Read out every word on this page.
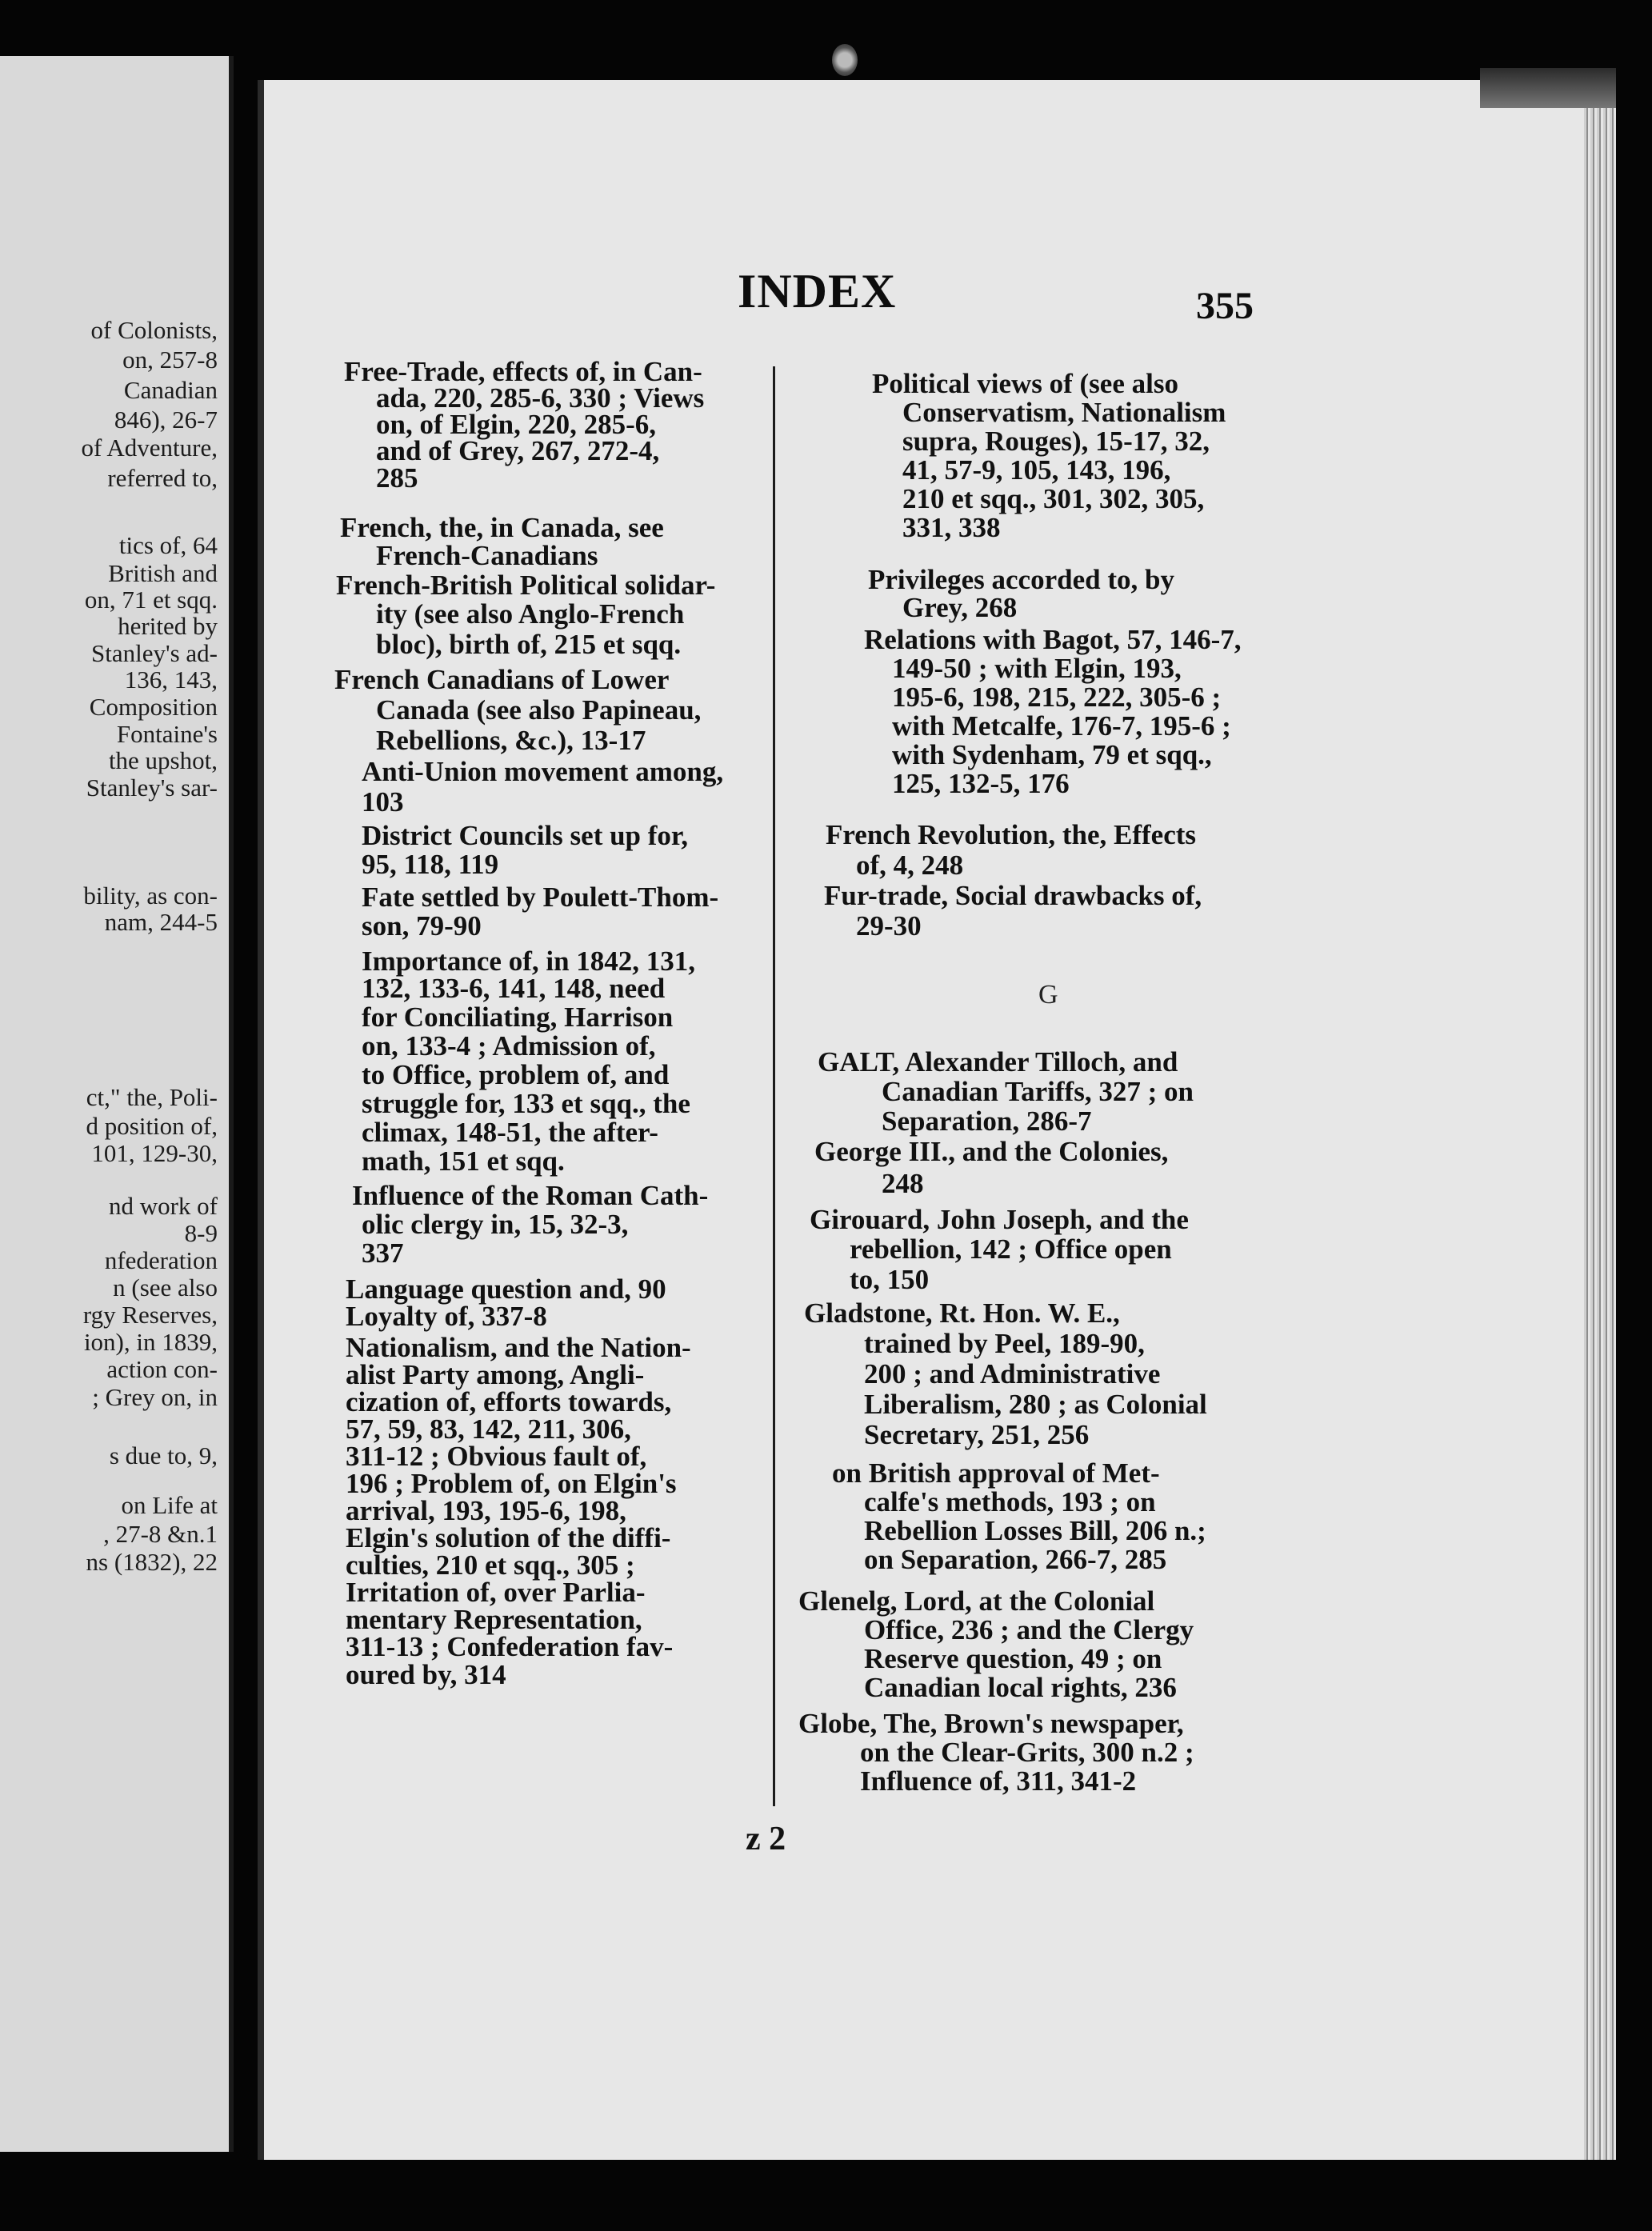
of Colonists,
on, 257-8
Canadian
846), 26-7
of Adventure,
referred to,
tics of, 64
British and
on, 71 et sqq.
herited by
Stanley's ad-
136, 143,
Composition
Fontaine's
the upshot,
Stanley's sar-
bility, as con-
nam, 244-5
ct," the, Poli-
d position of,
101, 129-30,
nd work of
8-9
nfederation
n (see also
rgy Reserves,
ion), in 1839,
action con-
; Grey on, in
s due to, 9,
on Life at
, 27-8 &n.1
ns (1832), 22
INDEX	355
G
z 2
Free-Trade, effects of, in Can-
ada, 220, 285-6, 330 ; Views
on, of Elgin, 220, 285-6,
and of Grey, 267, 272-4,
285
French, the, in Canada, see
French-Canadians
French-British Political solidar-
ity (see also Anglo-French
bloc), birth of, 215 et sqq.
French Canadians of Lower
Canada (see also Papineau,
Rebellions, &c.), 13-17
Anti-Union movement among,
103
District Councils set up for,
95, 118, 119
Fate settled by Poulett-Thom-
son, 79-90
Importance of, in 1842, 131,
132, 133-6, 141, 148, need
for Conciliating, Harrison
on, 133-4 ; Admission of,
to Office, problem of, and
struggle for, 133 et sqq., the
climax, 148-51, the after-
math, 151 et sqq.
Influence of the Roman Cath-
olic clergy in, 15, 32-3,
337
Language question and, 90
Loyalty of, 337-8
Nationalism, and the Nation-
alist Party among, Angli-
cization of, efforts towards,
57, 59, 83, 142, 211, 306,
311-12 ; Obvious fault of,
196 ; Problem of, on Elgin's
arrival, 193, 195-6, 198,
Elgin's solution of the diffi-
culties, 210 et sqq., 305 ;
Irritation of, over Parlia-
mentary Representation,
311-13 ; Confederation fav-
oured by, 314
Political views of (see also
Conservatism, Nationalism
supra, Rouges), 15-17, 32,
41, 57-9, 105, 143, 196,
210 et sqq., 301, 302, 305,
331, 338
Privileges accorded to, by
Grey, 268
Relations with Bagot, 57, 146-7,
149-50 ; with Elgin, 193,
195-6, 198, 215, 222, 305-6 ;
with Metcalfe, 176-7, 195-6 ;
with Sydenham, 79 et sqq.,
125, 132-5, 176
French Revolution, the, Effects
of, 4, 248
Fur-trade, Social drawbacks of,
29-30
GALT, Alexander Tilloch, and
Canadian Tariffs, 327 ; on
Separation, 286-7
George III., and the Colonies,
248
Girouard, John Joseph, and the
rebellion, 142 ; Office open
to, 150
Gladstone, Rt. Hon. W. E.,
trained by Peel, 189-90,
200 ; and Administrative
Liberalism, 280 ; as Colonial
Secretary, 251, 256
on British approval of Met-
calfe's methods, 193 ; on
Rebellion Losses Bill, 206 n.;
on Separation, 266-7, 285
Glenelg, Lord, at the Colonial
Office, 236 ; and the Clergy
Reserve question, 49 ; on
Canadian local rights, 236
Globe, The, Brown's newspaper,
on the Clear-Grits, 300 n.2 ;
Influence of, 311, 341-2
